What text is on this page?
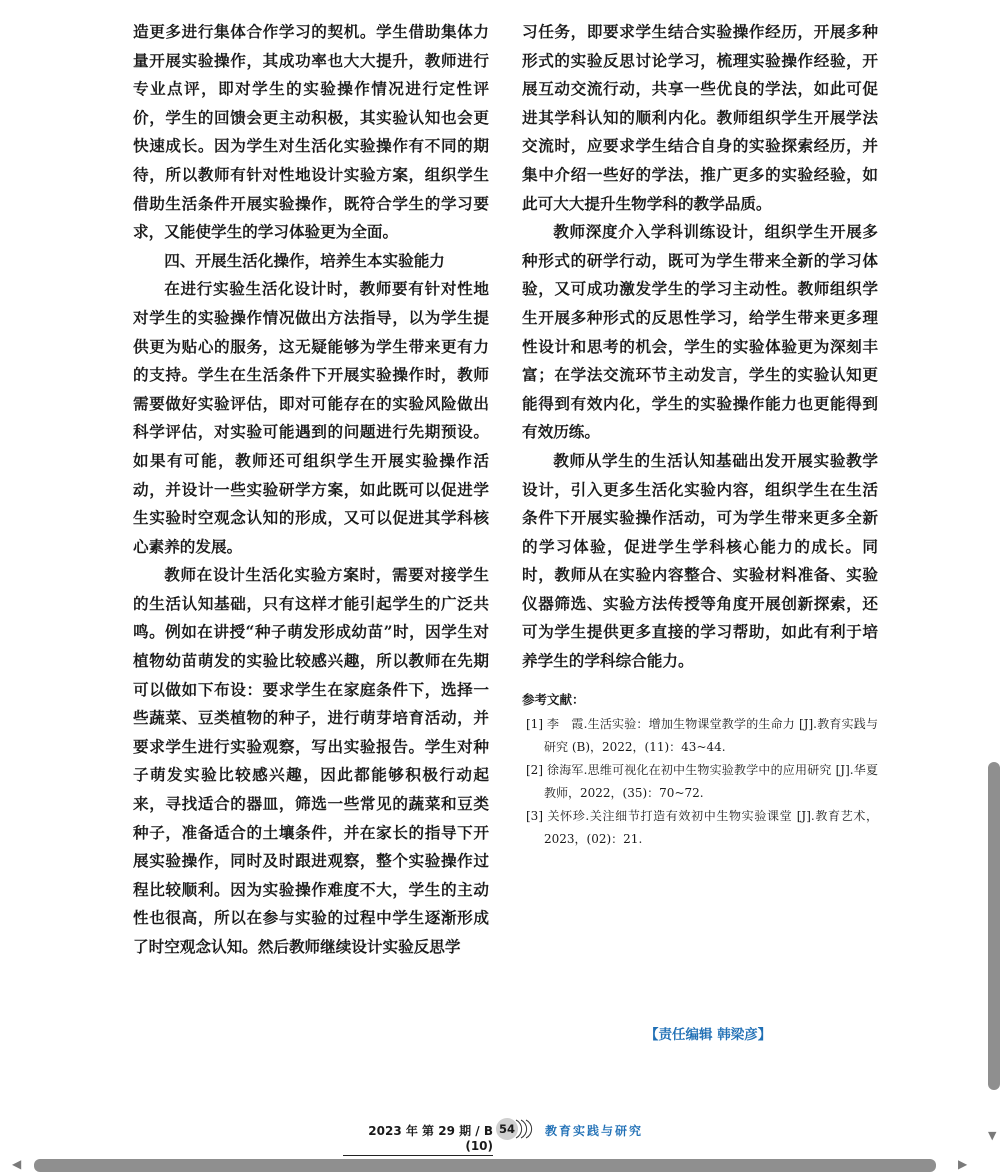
造更多进行集体合作学习的契机。学生借助集体力量开展实验操作，其成功率也大大提升，教师进行专业点评，即对学生的实验操作情况进行定性评价，学生的回馈会更主动积极，其实验认知也会更快速成长。因为学生对生活化实验操作有不同的期待，所以教师有针对性地设计实验方案，组织学生借助生活条件开展实验操作，既符合学生的学习要求，又能使学生的学习体验更为全面。

四、开展生活化操作，培养生本实验能力

在进行实验生活化设计时，教师要有针对性地对学生的实验操作情况做出方法指导，以为学生提供更为贴心的服务，这无疑能够为学生带来更有力的支持。学生在生活条件下开展实验操作时，教师需要做好实验评估，即对可能存在的实验风险做出科学评估，对实验可能遇到的问题进行先期预设。如果有可能，教师还可组织学生开展实验操作活动，并设计一些实验研学方案，如此既可以促进学生实验时空观念认知的形成，又可以促进其学科核心素养的发展。

教师在设计生活化实验方案时，需要对接学生的生活认知基础，只有这样才能引起学生的广泛共鸣。例如在讲授“种子萌发形成幼苗”时，因学生对植物幼苗萌发的实验比较感兴趣，所以教师在先期可以做如下布设：要求学生在家庭条件下，选择一些蔬菜、豆类植物的种子，进行萌芽培育活动，并要求学生进行实验观察，写出实验报告。学生对种子萌发实验比较感兴趣，因此都能够积极行动起来，寻找适合的器皿，筛选一些常见的蔬菜和豆类种子，准备适合的土壤条件，并在家长的指导下开展实验操作，同时及时跟进观察，整个实验操作过程比较顺利。因为实验操作难度不大，学生的主动性也很高，所以在参与实验的过程中学生逐渐形成了时空观念认知。然后教师继续设计实验反思学

习任务，即要求学生结合实验操作经历，开展多种形式的实验反思讨论学习，梳理实验操作经验，开展互动交流行动，共享一些优良的学法，如此可促进其学科认知的顺利内化。教师组织学生开展学法交流时，应要求学生结合自身的实验探索经历，并集中介绍一些好的学法，推广更多的实验经验，如此可大大提升生物学科的教学品质。

教师深度介入学科训练设计，组织学生开展多种形式的研学行动，既可为学生带来全新的学习体验，又可成功激发学生的学习主动性。教师组织学生开展多种形式的反思性学习，给学生带来更多理性设计和思考的机会，学生的实验体验更为深刻丰富；在学法交流环节主动发言，学生的实验认知更能得到有效内化，学生的实验操作能力也更能得到有效历练。

教师从学生的生活认知基础出发开展实验教学设计，引入更多生活化实验内容，组织学生在生活条件下开展实验操作活动，可为学生带来更多全新的学习体验，促进学生学科核心能力的成长。同时，教师从在实验内容整合、实验材料准备、实验仪器筛选、实验方法传授等角度开展创新探索，还可为学生提供更多直接的学习帮助，如此有利于培养学生的学科综合能力。

参考文献：
[1] 李　霞.生活实验：增加生物课堂教学的生命力 [J].教育实践与研究 (B)，2022，(11)：43~44.
[2] 徐海军.思维可视化在初中生物实验教学中的应用研究 [J].华夏教师，2022，(35)：70~72.
[3] 关怀珍.关注细节打造有效初中生物实验课堂 [J].教育艺术，2023，(02)：21.
【责任编辑 韩梁彦】
2023 年 第 29 期 / B (10)
54	教育实践与研究	▼
◀	▶
